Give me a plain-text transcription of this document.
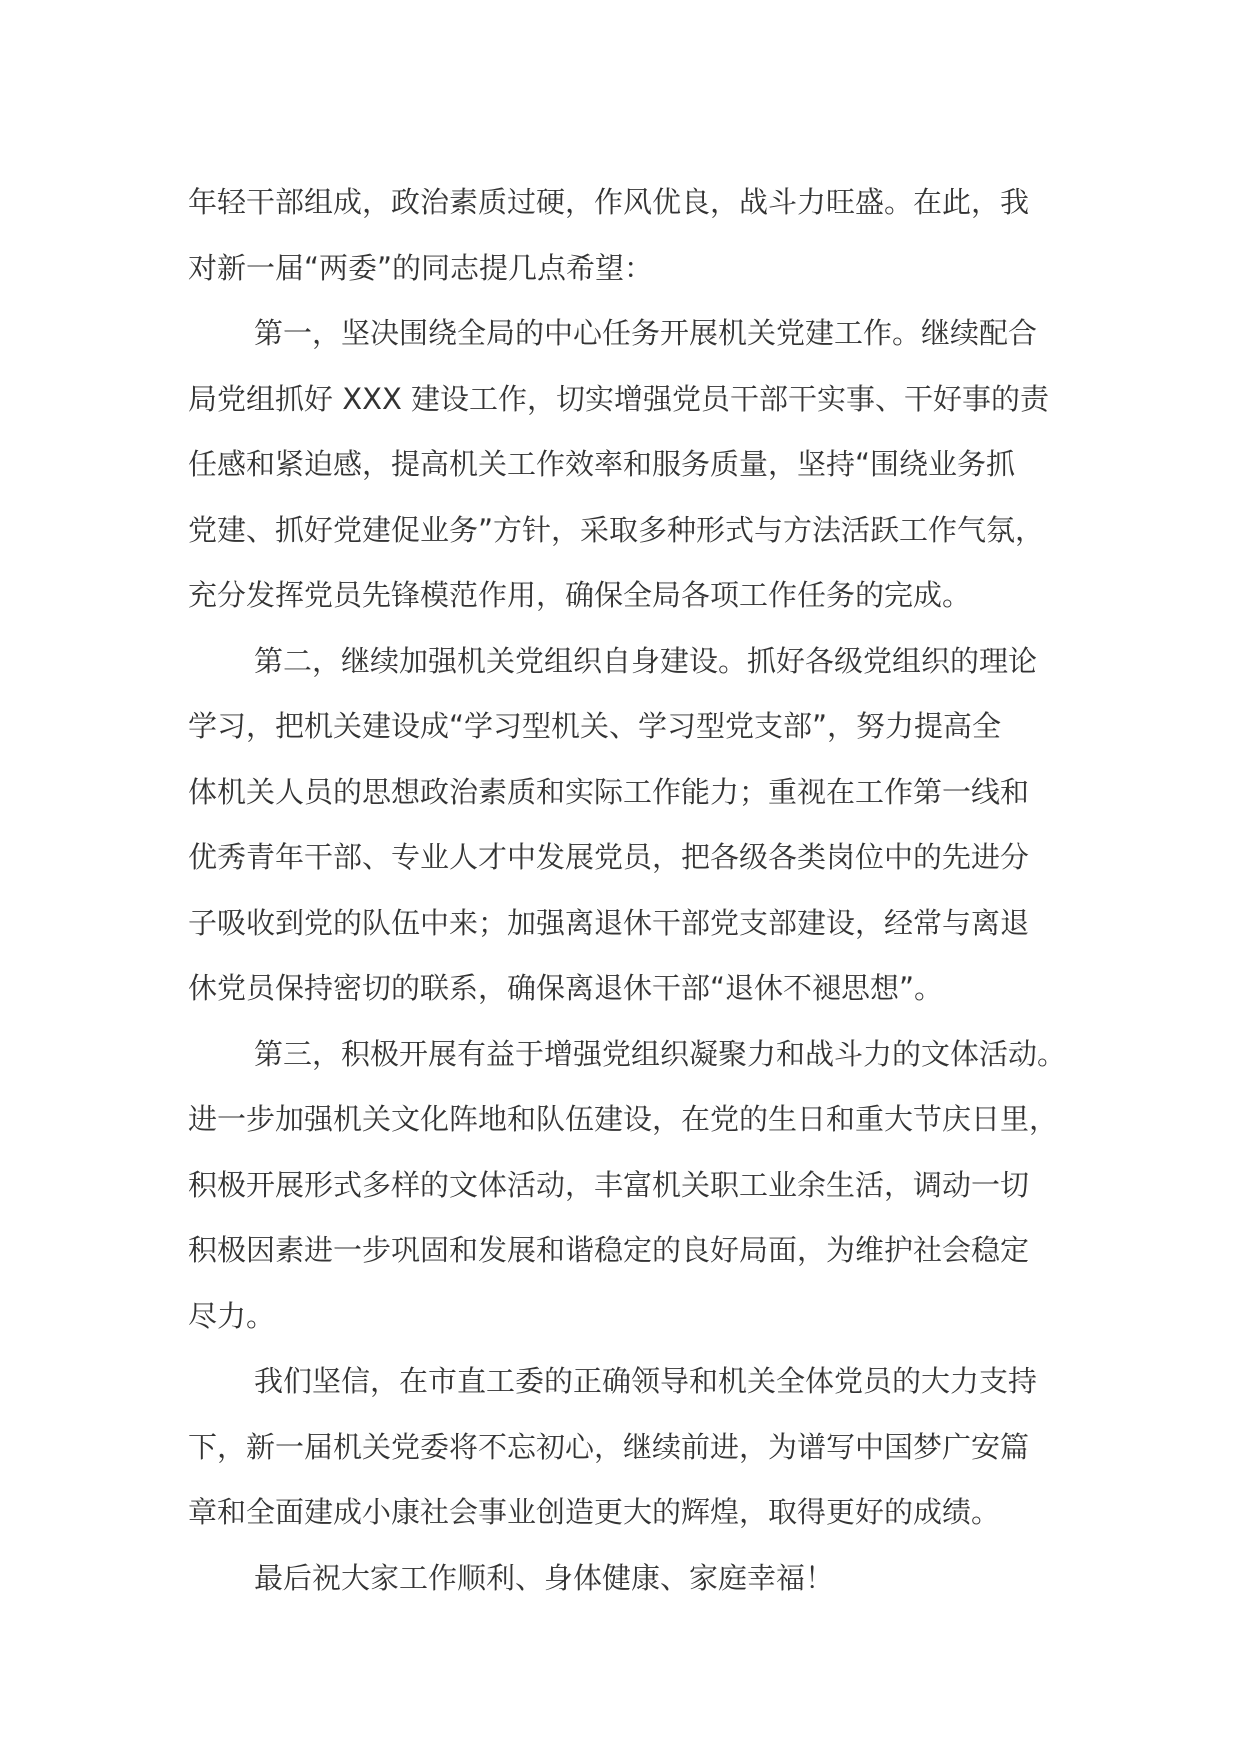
年轻干部组成，政治素质过硬，作风优良，战斗力旺盛。在此，我
对新一届“两委”的同志提几点希望：
第一，坚决围绕全局的中心任务开展机关党建工作。继续配合
局党组抓好 XXX 建设工作，切实增强党员干部干实事、干好事的责
任感和紧迫感，提高机关工作效率和服务质量，坚持“围绕业务抓
党建、抓好党建促业务”方针，采取多种形式与方法活跃工作气氛，
充分发挥党员先锋模范作用，确保全局各项工作任务的完成。
第二，继续加强机关党组织自身建设。抓好各级党组织的理论
学习，把机关建设成“学习型机关、学习型党支部”，努力提高全
体机关人员的思想政治素质和实际工作能力；重视在工作第一线和
优秀青年干部、专业人才中发展党员，把各级各类岗位中的先进分
子吸收到党的队伍中来；加强离退休干部党支部建设，经常与离退
休党员保持密切的联系，确保离退休干部“退休不褪思想”。
第三，积极开展有益于增强党组织凝聚力和战斗力的文体活动。
进一步加强机关文化阵地和队伍建设，在党的生日和重大节庆日里，
积极开展形式多样的文体活动，丰富机关职工业余生活，调动一切
积极因素进一步巩固和发展和谐稳定的良好局面，为维护社会稳定
尽力。
我们坚信，在市直工委的正确领导和机关全体党员的大力支持
下，新一届机关党委将不忘初心，继续前进，为谱写中国梦广安篇
章和全面建成小康社会事业创造更大的辉煌，取得更好的成绩。
最后祝大家工作顺利、身体健康、家庭幸福！
